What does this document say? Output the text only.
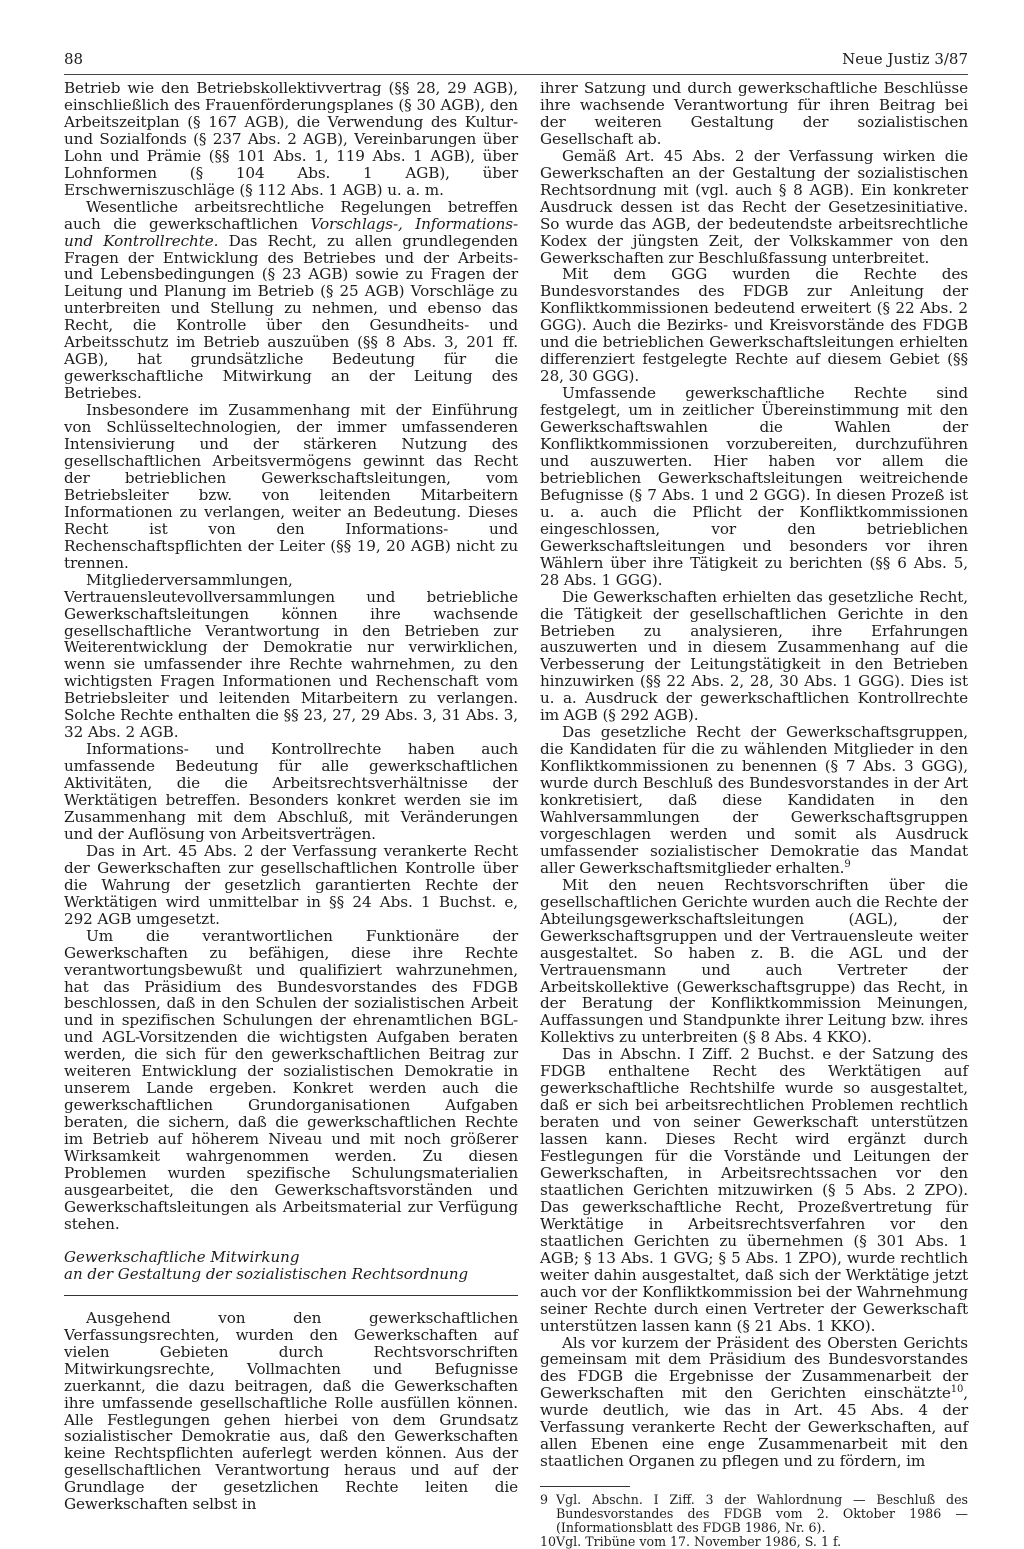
88	Neue Justiz 3/87

Betrieb wie den Betriebskollektivvertrag (§§ 28, 29 AGB), einschließlich des Frauenförderungsplanes (§ 30 AGB), den Arbeitszeitplan (§ 167 AGB), die Verwendung des Kultur- und Sozialfonds (§ 237 Abs. 2 AGB), Vereinbarungen über Lohn und Prämie (§§ 101 Abs. 1, 119 Abs. 1 AGB), über Lohnformen (§ 104 Abs. 1 AGB), über Erschwerniszuschläge (§ 112 Abs. 1 AGB) u. a. m.

Wesentliche arbeitsrechtliche Regelungen betreffen auch die gewerkschaftlichen Vorschlags-, Informations- und Kontrollrechte. Das Recht, zu allen grundlegenden Fragen der Entwicklung des Betriebes und der Arbeits- und Lebensbedingungen (§ 23 AGB) sowie zu Fragen der Leitung und Planung im Betrieb (§ 25 AGB) Vorschläge zu unterbreiten und Stellung zu nehmen, und ebenso das Recht, die Kontrolle über den Gesundheits- und Arbeitsschutz im Betrieb auszuüben (§§ 8 Abs. 3, 201 ff. AGB), hat grundsätzliche Bedeutung für die gewerkschaftliche Mitwirkung an der Leitung des Betriebes.

Insbesondere im Zusammenhang mit der Einführung von Schlüsseltechnologien, der immer umfassenderen Intensivierung und der stärkeren Nutzung des gesellschaftlichen Arbeitsvermögens gewinnt das Recht der betrieblichen Gewerkschaftsleitungen, vom Betriebsleiter bzw. von leitenden Mitarbeitern Informationen zu verlangen, weiter an Bedeutung. Dieses Recht ist von den Informations- und Rechenschaftspflichten der Leiter (§§ 19, 20 AGB) nicht zu trennen.

Mitgliederversammlungen, Vertrauensleutevollversammlungen und betriebliche Gewerkschaftsleitungen können ihre wachsende gesellschaftliche Verantwortung in den Betrieben zur Weiterentwicklung der Demokratie nur verwirklichen, wenn sie umfassender ihre Rechte wahrnehmen, zu den wichtigsten Fragen Informationen und Rechenschaft vom Betriebsleiter und leitenden Mitarbeitern zu verlangen. Solche Rechte enthalten die §§ 23, 27, 29 Abs. 3, 31 Abs. 3, 32 Abs. 2 AGB.

Informations- und Kontrollrechte haben auch umfassende Bedeutung für alle gewerkschaftlichen Aktivitäten, die die Arbeitsrechtsverhältnisse der Werktätigen betreffen. Besonders konkret werden sie im Zusammenhang mit dem Abschluß, mit Veränderungen und der Auflösung von Arbeitsverträgen.

Das in Art. 45 Abs. 2 der Verfassung verankerte Recht der Gewerkschaften zur gesellschaftlichen Kontrolle über die Wahrung der gesetzlich garantierten Rechte der Werktätigen wird unmittelbar in §§ 24 Abs. 1 Buchst. e, 292 AGB umgesetzt.

Um die verantwortlichen Funktionäre der Gewerkschaften zu befähigen, diese ihre Rechte verantwortungsbewußt und qualifiziert wahrzunehmen, hat das Präsidium des Bundesvorstandes des FDGB beschlossen, daß in den Schulen der sozialistischen Arbeit und in spezifischen Schulungen der ehrenamtlichen BGL- und AGL-Vorsitzenden die wichtigsten Aufgaben beraten werden, die sich für den gewerkschaftlichen Beitrag zur weiteren Entwicklung der sozialistischen Demokratie in unserem Lande ergeben. Konkret werden auch die gewerkschaftlichen Grundorganisationen Aufgaben beraten, die sichern, daß die gewerkschaftlichen Rechte im Betrieb auf höherem Niveau und mit noch größerer Wirksamkeit wahrgenommen werden. Zu diesen Problemen wurden spezifische Schulungsmaterialien ausgearbeitet, die den Gewerkschaftsvorständen und Gewerkschaftsleitungen als Arbeitsmaterial zur Verfügung stehen.

Gewerkschaftliche Mitwirkung
an der Gestaltung der sozialistischen Rechtsordnung

Ausgehend von den gewerkschaftlichen Verfassungsrechten, wurden den Gewerkschaften auf vielen Gebieten durch Rechtsvorschriften Mitwirkungsrechte, Vollmachten und Befugnisse zuerkannt, die dazu beitragen, daß die Gewerkschaften ihre umfassende gesellschaftliche Rolle ausfüllen können. Alle Festlegungen gehen hierbei von dem Grundsatz sozialistischer Demokratie aus, daß den Gewerkschaften keine Rechtspflichten auferlegt werden können. Aus der gesellschaftlichen Verantwortung heraus und auf der Grundlage der gesetzlichen Rechte leiten die Gewerkschaften selbst in

ihrer Satzung und durch gewerkschaftliche Beschlüsse ihre wachsende Verantwortung für ihren Beitrag bei der weiteren Gestaltung der sozialistischen Gesellschaft ab.

Gemäß Art. 45 Abs. 2 der Verfassung wirken die Gewerkschaften an der Gestaltung der sozialistischen Rechtsordnung mit (vgl. auch § 8 AGB). Ein konkreter Ausdruck dessen ist das Recht der Gesetzesinitiative. So wurde das AGB, der bedeutendste arbeitsrechtliche Kodex der jüngsten Zeit, der Volkskammer von den Gewerkschaften zur Beschlußfassung unterbreitet.

Mit dem GGG wurden die Rechte des Bundesvorstandes des FDGB zur Anleitung der Konfliktkommissionen bedeutend erweitert (§ 22 Abs. 2 GGG). Auch die Bezirks- und Kreisvorstände des FDGB und die betrieblichen Gewerkschaftsleitungen erhielten differenziert festgelegte Rechte auf diesem Gebiet (§§ 28, 30 GGG).

Umfassende gewerkschaftliche Rechte sind festgelegt, um in zeitlicher Übereinstimmung mit den Gewerkschaftswahlen die Wahlen der Konfliktkommissionen vorzubereiten, durchzuführen und auszuwerten. Hier haben vor allem die betrieblichen Gewerkschaftsleitungen weitreichende Befugnisse (§ 7 Abs. 1 und 2 GGG). In diesen Prozeß ist u. a. auch die Pflicht der Konfliktkommissionen eingeschlossen, vor den betrieblichen Gewerkschaftsleitungen und besonders vor ihren Wählern über ihre Tätigkeit zu berichten (§§ 6 Abs. 5, 28 Abs. 1 GGG).

Die Gewerkschaften erhielten das gesetzliche Recht, die Tätigkeit der gesellschaftlichen Gerichte in den Betrieben zu analysieren, ihre Erfahrungen auszuwerten und in diesem Zusammenhang auf die Verbesserung der Leitungstätigkeit in den Betrieben hinzuwirken (§§ 22 Abs. 2, 28, 30 Abs. 1 GGG). Dies ist u. a. Ausdruck der gewerkschaftlichen Kontrollrechte im AGB (§ 292 AGB).

Das gesetzliche Recht der Gewerkschaftsgruppen, die Kandidaten für die zu wählenden Mitglieder in den Konfliktkommissionen zu benennen (§ 7 Abs. 3 GGG), wurde durch Beschluß des Bundesvorstandes in der Art konkretisiert, daß diese Kandidaten in den Wahlversammlungen der Gewerkschaftsgruppen vorgeschlagen werden und somit als Ausdruck umfassender sozialistischer Demokratie das Mandat aller Gewerkschaftsmitglieder erhalten.$^9$

Mit den neuen Rechtsvorschriften über die gesellschaftlichen Gerichte wurden auch die Rechte der Abteilungsgewerkschaftsleitungen (AGL), der Gewerkschaftsgruppen und der Vertrauensleute weiter ausgestaltet. So haben z. B. die AGL und der Vertrauensmann und auch Vertreter der Arbeitskollektive (Gewerkschaftsgruppe) das Recht, in der Beratung der Konfliktkommission Meinungen, Auffassungen und Standpunkte ihrer Leitung bzw. ihres Kollektivs zu unterbreiten (§ 8 Abs. 4 KKO).

Das in Abschn. I Ziff. 2 Buchst. e der Satzung des FDGB enthaltene Recht des Werktätigen auf gewerkschaftliche Rechtshilfe wurde so ausgestaltet, daß er sich bei arbeitsrechtlichen Problemen rechtlich beraten und von seiner Gewerkschaft unterstützen lassen kann. Dieses Recht wird ergänzt durch Festlegungen für die Vorstände und Leitungen der Gewerkschaften, in Arbeitsrechtssachen vor den staatlichen Gerichten mitzuwirken (§ 5 Abs. 2 ZPO). Das gewerkschaftliche Recht, Prozeßvertretung für Werktätige in Arbeitsrechtsverfahren vor den staatlichen Gerichten zu übernehmen (§ 301 Abs. 1 AGB; § 13 Abs. 1 GVG; § 5 Abs. 1 ZPO), wurde rechtlich weiter dahin ausgestaltet, daß sich der Werktätige jetzt auch vor der Konfliktkommission bei der Wahrnehmung seiner Rechte durch einen Vertreter der Gewerkschaft unterstützen lassen kann (§ 21 Abs. 1 KKO).

Als vor kurzem der Präsident des Obersten Gerichts gemeinsam mit dem Präsidium des Bundesvorstandes des FDGB die Ergebnisse der Zusammenarbeit der Gewerkschaften mit den Gerichten einschätzte$^{10}$, wurde deutlich, wie das in Art. 45 Abs. 4 der Verfassung verankerte Recht der Gewerkschaften, auf allen Ebenen eine enge Zusammenarbeit mit den staatlichen Organen zu pflegen und zu fördern, im

9 Vgl. Abschn. I Ziff. 3 der Wahlordnung — Beschluß des Bundesvorstandes des FDGB vom 2. Oktober 1986 — (Informationsblatt des FDGB 1986, Nr. 6).
10 Vgl. Tribüne vom 17. November 1986, S. 1 f.
